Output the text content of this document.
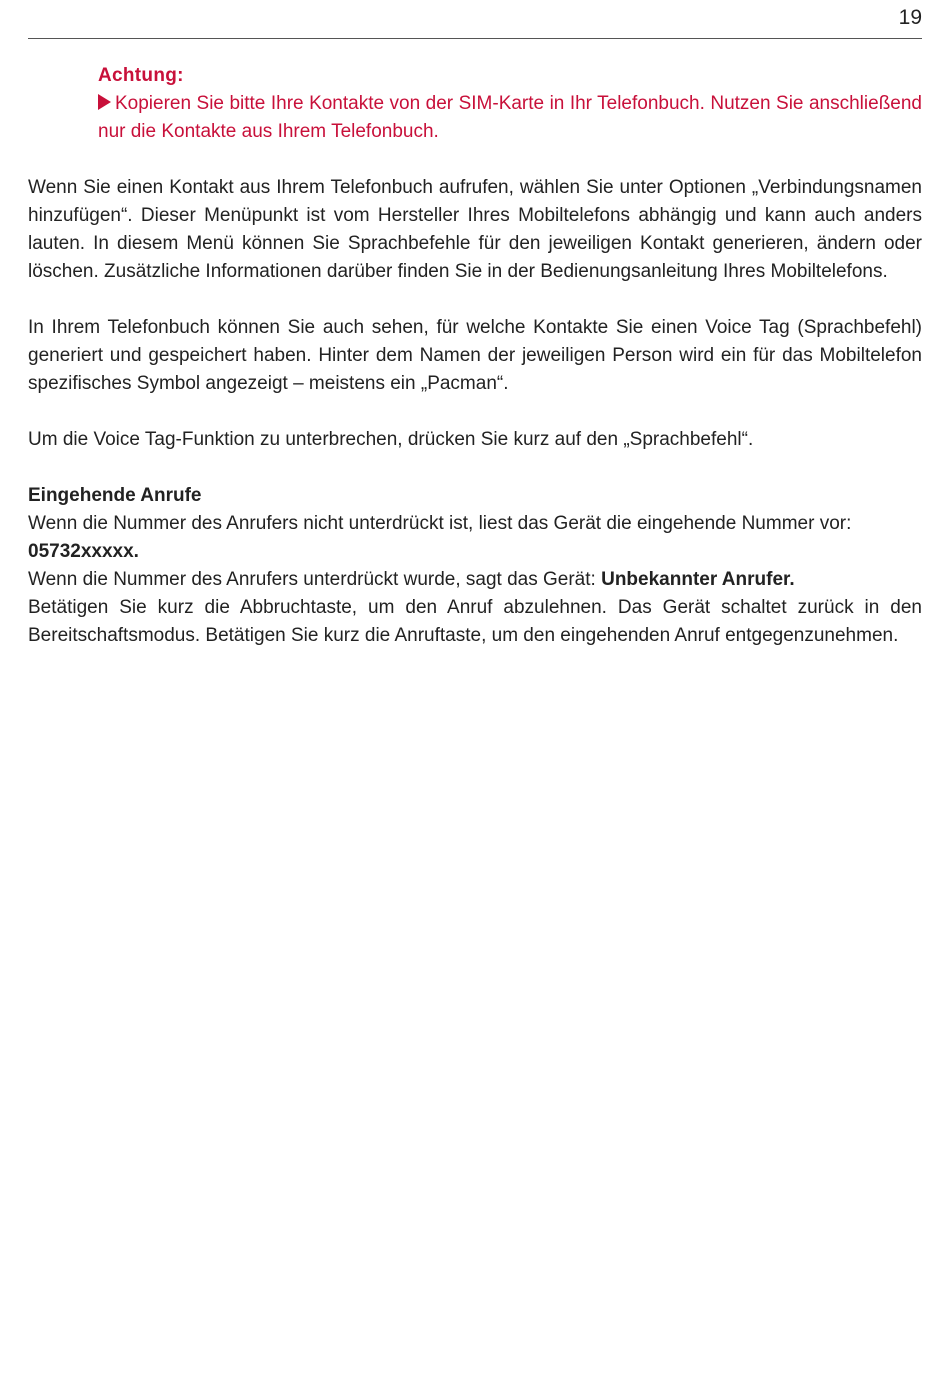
19
Achtung:
Kopieren Sie bitte Ihre Kontakte von der SIM-Karte in Ihr Telefonbuch. Nutzen Sie anschließend nur die Kontakte aus Ihrem Telefonbuch.

Wenn Sie einen Kontakt aus Ihrem Telefonbuch aufrufen, wählen Sie unter Optionen „Verbindungsnamen hinzufügen“. Dieser Menüpunkt ist vom Hersteller Ihres Mobiltelefons abhängig und kann auch anders lauten. In diesem Menü können Sie Sprachbefehle für den jeweiligen Kontakt generieren, ändern oder löschen. Zusätzliche Informationen darüber finden Sie in der Bedienungsanleitung Ihres Mobiltelefons.

In Ihrem Telefonbuch können Sie auch sehen, für welche Kontakte Sie einen Voice Tag (Sprachbefehl) generiert und gespeichert haben. Hinter dem Namen der jeweiligen Person wird ein für das Mobiltelefon spezifisches Symbol angezeigt – meistens ein „Pacman“.

Um die Voice Tag-Funktion zu unterbrechen, drücken Sie kurz auf den „Sprachbefehl“.

Eingehende Anrufe

Wenn die Nummer des Anrufers nicht unterdrückt ist, liest das Gerät die eingehende Nummer vor:

05732xxxxx.

Wenn die Nummer des Anrufers unterdrückt wurde, sagt das Gerät: Unbekannter Anrufer.

Betätigen Sie kurz die Abbruchtaste, um den Anruf abzulehnen. Das Gerät schaltet zurück in den Bereitschaftsmodus. Betätigen Sie kurz die Anruftaste, um den eingehenden Anruf entgegenzunehmen.
